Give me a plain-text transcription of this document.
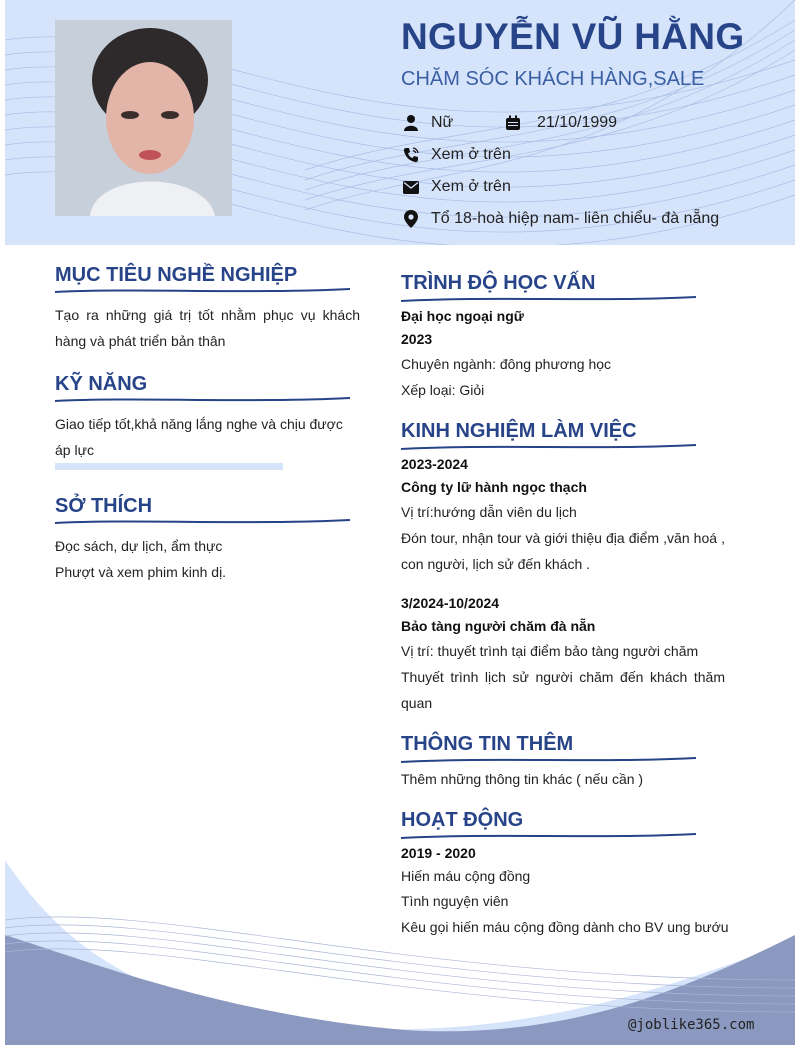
NGUYỄN VŨ HẰNG
CHĂM SÓC KHÁCH HÀNG,SALE
Nữ	21/10/1999
Xem ở trên
Xem ở trên
Tổ 18-hoà hiệp nam- liên chiểu- đà nẵng
MỤC TIÊU NGHỀ NGHIỆP
Tạo ra những giá trị tốt nhằm phục vụ khách hàng và phát triển bản thân
KỸ NĂNG
Giao tiếp tốt,khả năng lắng nghe và chịu được áp lực
SỞ THÍCH
Đọc sách, dự lịch, ẩm thực
Phượt và xem phim kinh dị.
TRÌNH ĐỘ HỌC VẤN
Đại học ngoại ngữ
2023
Chuyên ngành: đông phương học
Xếp loại: Giỏi
KINH NGHIỆM LÀM VIỆC
2023-2024
Công ty lữ hành ngọc thạch
Vị trí:hướng dẫn viên du lịch
Đón tour, nhận tour và giới thiệu địa điểm ,văn hoá , con người, lịch sử đến khách .
3/2024-10/2024
Bảo tàng người chăm đà nẵn
Vị trí: thuyết trình tại điểm bảo tàng người chăm
Thuyết trình lịch sử người chăm đến khách thăm quan
THÔNG TIN THÊM
Thêm những thông tin khác ( nếu cần )
HOẠT ĐỘNG
2019 - 2020
Hiến máu cộng đồng
Tình nguyện viên
Kêu gọi hiến máu cộng đồng dành cho BV ung bướu
@joblike365.com
